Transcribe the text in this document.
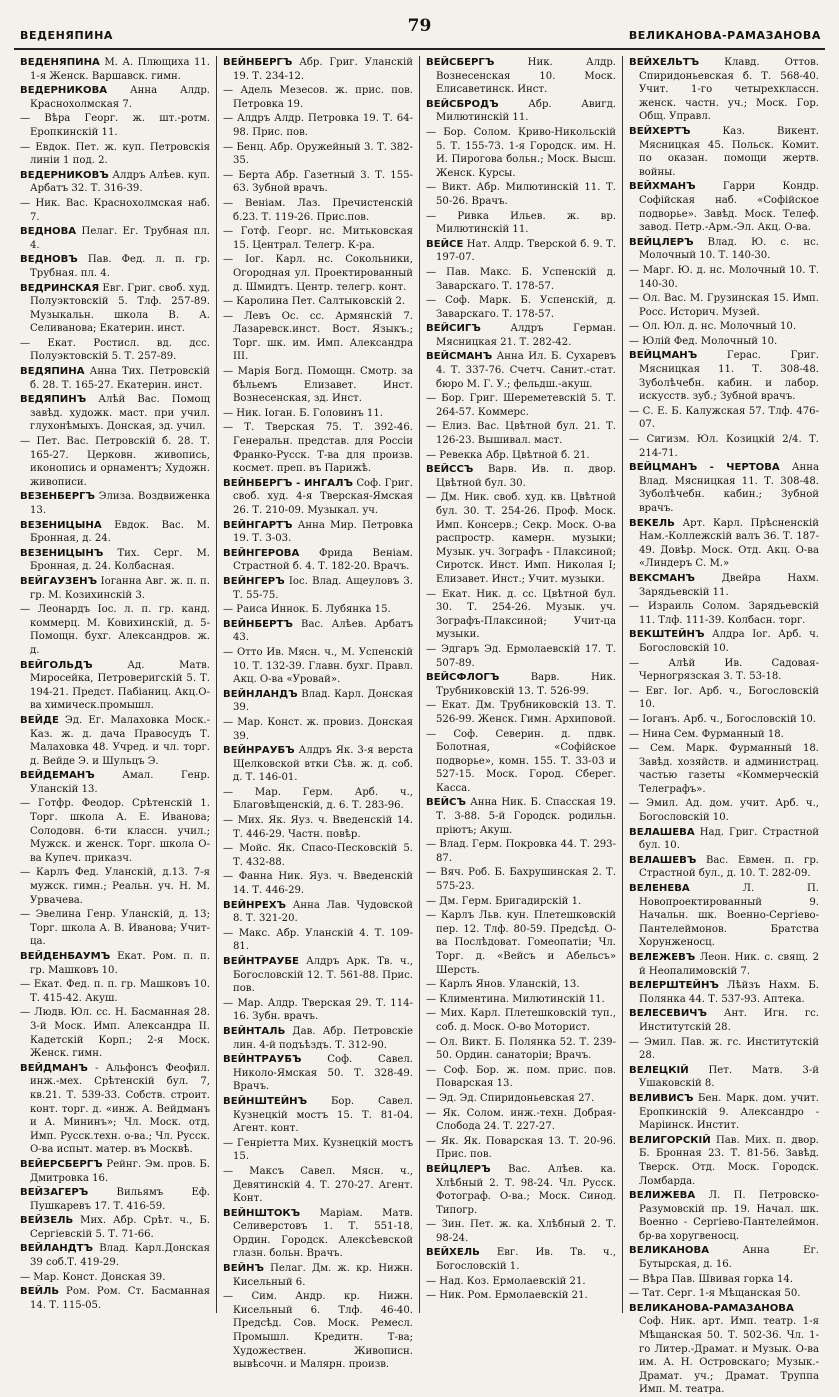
ВЕДЕНЯПИНА	79	ВЕЛИКАНОВА-РАМАЗАНОВА
ВЕДЕНЯПИНА М. А. Плющиха 11. 1-я Женск. Варшавск. гимн.
ВЕДЕРНИКОВА Анна Алдр. Краснохолмская 7.
— Вѣра Георг. ж. шт.-ротм. Еропкинскій 11.
— Евдок. Пет. ж. куп. Петровскія линіи 1 под. 2.
ВЕДЕРНИКОВЪ Алдръ Алѣев. куп. Арбатъ 32. Т. 316-39.
— Ник. Вас. Краснохолмская наб. 7.
ВЕДНОВА Пелаг. Ег. Трубная пл. 4.
ВЕДНОВЪ Пав. Фед. л. п. гр. Трубная. пл. 4.
ВЕДРИНСКАЯ Евг. Григ. своб. худ. Полуэктовскій 5. Тлф. 257-89. Музыкальн. школа В. А. Селиванова; Екатерин. инст.
— Екат. Ростисл. вд. дсс. Полуэктовскій 5. Т. 257-89.
ВЕДЯПИНА Анна Тих. Петровскій б. 28. Т. 165-27. Екатерин. инст.
ВЕДЯПИНЪ Алѣй Вас. Помощ завѣд. художк. маст. при учил. глухонѣмыхъ. Донская, зд. учил.
— Пет. Вас. Петровскій б. 28. Т. 165-27. Церковн. живопись, иконопись и орнаментъ; Художн. живописи.
ВЕЗЕНБЕРГЪ Элиза. Воздвиженка 13.
ВЕЗЕНИЦЫНА Евдок. Вас. М. Бронная, д. 24.
ВЕЗЕНИЦЫНЪ Тих. Серг. М. Бронная, д. 24. Колбасная.
ВЕЙГАУЗЕНЪ Іоганна Авг. ж. п. п. гр. М. Козихинскій 3.
— Леонардъ Іос. л. п. гр. канд. коммерц. М. Ковихинскій, д. 5- Помощн. бухг. Александров. ж. д.
ВЕЙГОЛЬДЪ Ад. Матв. Миросейка, Петроверигскій 5. Т. 194-21. Предст. Пабіаниц. Акц.О-ва химическ.промышл.
ВЕЙДЕ Эд. Ег. Малаховка Моск.-Каз. ж. д. дача Правосудъ Т. Малаховка 48. Учред. и чл. торг. д. Вейде Э. и Шульцъ Э.
ВЕЙДЕМАНЪ Амал. Генр. Уланскій 13.
— Готфр. Феодор. Срѣтенскій 1. Торг. школа А. Е. Иванова; Солодовн. 6-ти классн. учил.; Мужск. и женск. Торг. школа О-ва Купеч. приказч.
— Карлъ Фед. Уланскій, д.13. 7-я мужск. гимн.; Реальн. уч. Н. М. Урвачева.
— Эвелина Генр. Уланскій, д. 13; Торг. школа А. В. Иванова; Учит-ца.
ВЕЙДЕНБАУМЪ Екат. Ром. п. п. гр. Машковъ 10.
— Екат. Фед. п. п. гр. Машковъ 10. Т. 415-42. Акуш.
— Людв. Юл. сс. Н. Басманная 28. 3-й Моск. Имп. Александра II. Кадетскій Корп.; 2-я Моск. Женск. гимн.
ВЕЙДМАНЪ - Альфонсъ Феофил. инж.-мех. Срѣтенскій бул. 7, кв.21. Т. 539-33. Собств. строит. конт. торг. д. «инж. А. Вейдманъ и А. Мининъ»; Чл. Моск. отд. Имп. Русск.техн. о-ва.; Чл. Русск. О-ва испыт. матер. въ Москвѣ.
ВЕЙЕРСБЕРГЪ Рейнг. Эм. пров. Б. Дмитровка 16.
ВЕЙЗАГЕРЪ Вильямъ Еф. Пушкаревъ 17. Т. 416-59.
ВЕЙЗЕЛЬ Мих. Абр. Срѣт. ч., Б. Сергіевскій 5. Т. 71-66.
ВЕЙЛАНДТЪ Влад. Карл.Донская 39 соб.Т. 419-29.
— Мар. Конст. Донская 39.
ВЕЙЛЬ Ром. Ром. Ст. Басманная 14. Т. 115-05.
ВЕЙНБЕРГЪ Абр. Григ. Уланскій 19. Т. 234-12.
— Адель Мезесов. ж. прис. пов. Петровка 19.
— Алдръ Алдр. Петровка 19. Т. 64-98. Прис. пов.
— Бенц. Абр. Оружейный 3. Т. 382-35.
— Берта Абр. Газетный 3. Т. 155-63. Зубной врачъ.
— Веніам. Лаз. Пречистенскій б.23. Т. 119-26. Прис.пов.
— Готф. Георг. нс. Митьковская 15. Централ. Телегр. К-ра.
— Іог. Карл. нс. Сокольники, Огородная ул. Проектированный д. Шмидтъ. Центр. телегр. конт.
— Каролина Пет. Салтыковскій 2.
— Левъ Ос. сс. Армянскій 7. Лазаревск.инст. Вост. Языкъ.; Торг. шк. им. Имп. Александра III.
— Марія Богд. Помощн. Смотр. за бѣльемъ Елизавет. Инст. Вознесенская, зд. Инст.
— Ник. Іоган. Б. Головинъ 11.
— Т. Тверская 75. Т. 392-46. Генеральн. представ. для Россіи Франко-Русск. Т-ва для произв. космет. преп. въ Парижѣ.
ВЕЙНБЕРГЪ - ИНГАЛЪ Соф. Григ. своб. худ. 4-я Тверская-Ямская 26. Т. 210-09. Музыкал. уч.
ВЕЙНГАРТЪ Анна Мир. Петровка 19. Т. 3-03.
ВЕЙНГЕРОВА Фрида Веніам. Страстной б. 4. Т. 182-20. Врачъ.
ВЕЙНГЕРЪ Іос. Влад. Ащеуловъ 3. Т. 55-75.
— Раиса Иннок. Б. Лубянка 15.
ВЕЙНБЕРТЪ Вас. Алѣев. Арбатъ 43.
— Отто Ив. Мясн. ч., М. Успенскій 10. Т. 132-39. Главн. бухг. Правл. Акц. О-ва «Уровай».
ВЕЙНЛАНДЪ Влад. Карл. Донская 39.
— Мар. Конст. ж. провиз. Донская 39.
ВЕЙНРАУБЪ Алдръ Як. 3-я верста Щелковской втки Сѣв. ж. д. соб. д. Т. 146-01.
— Мар. Герм. Арб. ч., Благовѣщенскій, д. 6. Т. 283-96.
— Мих. Як. Яуз. ч. Введенскій 14. Т. 446-29. Частн. повѣр.
— Мойс. Як. Спасо-Песковскій 5. Т. 432-88.
— Фанна Ник. Яуз. ч. Введенскій 14. Т. 446-29.
ВЕЙНРЕХЪ Анна Лав. Чудовской 8. Т. 321-20.
— Макс. Абр. Уланскій 4. Т. 109-81.
ВЕЙНТРАУБЕ Алдръ Арк. Тв. ч., Богословскій 12. Т. 561-88. Прис. пов.
— Мар. Алдр. Тверская 29. Т. 114-16. Зубн. врачъ.
ВЕЙНТАЛЬ Дав. Абр. Петровскіе лин. 4-й подъѣздъ. Т. 312-90.
ВЕЙНТРАУБЪ Соф. Савел. Николо-Ямская 50. Т. 328-49. Врачъ.
ВЕЙНШТЕЙНЪ Бор. Савел. Кузнецкій мостъ 15. Т. 81-04. Агент. конт.
— Генріетта Мих. Кузнецкій мостъ 15.
— Максъ Савел. Мясн. ч., Девятинскій 4. Т. 270-27. Агент. Конт.
ВЕЙНШТОКЪ Маріам. Матв. Селиверстовъ 1. Т. 551-18. Ордин. Городск. Алексѣевской глазн. больн. Врачъ.
ВЕЙНЪ Пелаг. Дм. ж. кр. Нижн. Кисельный 6.
— Сим. Андр. кр. Нижн. Кисельный 6. Тлф. 46-40. Предсѣд. Сов. Моск. Ремесл. Промышл. Кредитн. Т-ва; Художествен. Живописн. вывѣсочн. и Малярн. произв.
ВЕЙСБЕРГЪ Ник. Алдр. Вознесенская 10. Моск. Елисаветинск. Инст.
ВЕЙСБРОДЪ Абр. Авигд. Милютинскій 11.
— Бор. Солом. Криво-Никольскій 5. Т. 155-73. 1-я Городск. им. Н. И. Пирогова больн.; Моск. Высш. Женск. Курсы.
— Викт. Абр. Милютинскій 11. Т. 50-26. Врачъ.
— Ривка Ильев. ж. вр. Милютинскій 11.
ВЕЙСЕ Нат. Алдр. Тверской б. 9. Т. 197-07.
— Пав. Макс. Б. Успенскій д. Заварскаго. Т. 178-57.
— Соф. Марк. Б. Успенскій, д. Заварскаго. Т. 178-57.
ВЕЙСИГЪ Алдръ Герман. Мясницкая 21. Т. 282-42.
ВЕЙСМАНЪ Анна Ил. Б. Сухаревъ 4. Т. 337-76. Счетч. Санит.-стат. бюро М. Г. У.; фельдш.-акуш.
— Бор. Григ. Шереметевскій 5. Т. 264-57. Коммерс.
— Елиз. Вас. Цвѣтной бул. 21. Т. 126-23. Вышивал. маст.
— Ревекка Абр. Цвѣтной б. 21.
ВЕЙССЪ Варв. Ив. п. двор. Цвѣтной бул. 30.
— Дм. Ник. своб. худ. кв. Цвѣтной бул. 30. Т. 254-26. Проф. Моск. Имп. Консерв.; Секр. Моск. О-ва распростр. камерн. музыки; Музык. уч. Зографъ - Плаксиной; Сиротск. Инст. Имп. Николая I; Елизавет. Инст.; Учит. музыки.
— Екат. Ник. д. сс. Цвѣтной бул. 30. Т. 254-26. Музык. уч. Зографъ-Плаксиной; Учит-ца музыки.
— Эдгаръ Эд. Ермолаевскій 17. Т. 507-89.
ВЕЙСФЛОГЪ Варв. Ник. Трубниковскій 13. Т. 526-99.
— Екат. Дм. Трубниковскій 13. Т. 526-99. Женск. Гимн. Архиповой.
— Соф. Северин. д. пдвк. Болотная, «Софійское подворье», комн. 155. Т. 33-03 и 527-15. Моск. Город. Сберег. Касса.
ВЕЙСЪ Анна Ник. Б. Спасская 19. Т. 3-88. 5-й Городск. родильн. пріютъ; Акуш.
— Влад. Герм. Покровка 44. Т. 293-87.
— Вяч. Роб. Б. Бахрушинская 2. Т. 575-23.
— Дм. Герм. Бригадирскій 1.
— Карлъ Льв. кун. Плетешковскій пер. 12. Тлф. 80-59. Предсѣд. О-ва Послѣдоват. Гомеопатіи; Чл. Торг. д. «Вейсъ и Абельсъ» Шерсть.
— Карлъ Янов. Уланскій, 13.
— Климентина. Милютинскій 11.
— Мих. Карл. Плетешковскій туп., соб. д. Моск. О-во Моторист.
— Ол. Викт. Б. Полянка 52. Т. 239-50. Ордин. санаторіи; Врачъ.
— Соф. Бор. ж. пом. прис. пов. Поварская 13.
— Эд. Эд. Спиридоньевская 27.
— Як. Солом. инж.-техн. Добрая-Слобода 24. Т. 227-27.
— Як. Як. Поварская 13. Т. 20-96. Прис. пов.
ВЕЙЦЛЕРЪ Вас. Алѣев. ка. Хлѣбный 2. Т. 98-24. Чл. Русск. Фотограф. О-ва.; Моск. Синод. Типогр.
— Зин. Пет. ж. ка. Хлѣбный 2. Т. 98-24.
ВЕЙХЕЛЬ Евг. Ив. Тв. ч., Богословскій 1.
— Над. Коз. Ермолаевскій 21.
— Ник. Ром. Ермолаевскій 21.
ВЕЙХЕЛЬТЪ Клавд. Оттов. Спиридоньевская б. Т. 568-40. Учит. 1-го четырехклассн. женск. частн. уч.; Моск. Гор. Общ. Управл.
ВЕЙХЕРТЪ Каз. Викент. Мясницкая 45. Польск. Комит. по оказан. помощи жертв. войны.
ВЕЙХМАНЪ Гарри Кондр. Софійская наб. «Софійское подворье». Завѣд. Моск. Телеф. завод. Петр.-Арм.-Эл. Акц. О-ва.
ВЕЙЦЛЕРЪ Влад. Ю. с. нс. Молочный 10. Т. 140-30.
— Марг. Ю. д. нс. Молочный 10. Т. 140-30.
— Ол. Вас. М. Грузинская 15. Имп. Росс. Историч. Музей.
— Ол. Юл. д. нс. Молочный 10.
— Юлій Фед. Молочный 10.
ВЕЙЦМАНЪ Герас. Григ. Мясницкая 11. Т. 308-48. Зуболѣчебн. кабин. и лабор. искусств. зуб.; Зубной врачъ.
— С. Е. Б. Калужская 57. Тлф. 476-07.
— Сигизм. Юл. Козицкій 2/4. Т. 214-71.
ВЕЙЦМАНЪ - ЧЕРТОВА Анна Влад. Мясницкая 11. Т. 308-48. Зуболѣчебн. кабин.; Зубной врачъ.
ВЕКЕЛЬ Арт. Карл. Прѣсненскій Нам.-Коллежскій валъ 36. Т. 187-49. Довѣр. Моск. Отд. Акц. О-ва «Линдеръ С. М.»
ВЕКСМАНЪ Двейра Нахм. Зарядьевскій 11.
— Израиль Солом. Зарядьевскій 11. Тлф. 111-39. Колбасн. торг.
ВЕКШТЕЙНЪ Алдра Іог. Арб. ч. Богословскій 10.
— Алѣй Ив. Садовая-Черногрязская 3. Т. 53-18.
— Евг. Іог. Арб. ч., Богословскій 10.
— Іоганъ. Арб. ч., Богословскій 10.
— Нина Сем. Фурманный 18.
— Сем. Марк. Фурманный 18. Завѣд. хозяйств. и администрац. частью газеты «Коммерческій Телеграфъ».
— Эмил. Ад. дом. учит. Арб. ч., Богословскій 10.
ВЕЛАШЕВА Над. Григ. Страстной бул. 10.
ВЕЛАШЕВЪ Вас. Евмен. п. гр. Страстной бул., д. 10. Т. 282-09.
ВЕЛЕНЕВА Л. П. Новопроектированный 9. Начальн. шк. Военно-Сергіево-Пантелеймонов. Братства Хорунженосц.
ВЕЛЕЖЕВЪ Леон. Ник. с. свящ. 2 й Неопалимовскій 7.
ВЕЛЕРШТЕЙНЪ Лѣйзъ Нахм. Б. Полянка 44. Т. 537-93. Аптека.
ВЕЛЕСЕВИЧЪ Ант. Игн. гс. Институтскій 28.
— Эмил. Пав. ж. гс. Институтскій 28.
ВЕЛЕЦКІЙ Пет. Матв. 3-й Ушаковскій 8.
ВЕЛИВИСЪ Бен. Марк. дом. учит. Еропкинскій 9. Александро - Маріинск. Инстит.
ВЕЛИГОРСКІЙ Пав. Мих. п. двор. Б. Бронная 23. Т. 81-56. Завѣд. Тверск. Отд. Моск. Городск. Ломбарда.
ВЕЛИЖЕВА Л. П. Петровско-Разумовскій пр. 19. Начал. шк. Военно - Сергіево-Пантелеймон. бр-ва хоругвеносц.
ВЕЛИКАНОВА Анна Ег. Бутырская, д. 16.
— Вѣра Пав. Швивая горка 14.
— Тат. Серг. 1-я Мѣщанская 50.
ВЕЛИКАНОВА-РАМАЗАНОВА Соф. Ник. арт. Имп. театр. 1-я Мѣщанская 50. Т. 502-36. Чл. 1-го Литер.-Драмат. и Музык. О-ва им. А. Н. Островскаго; Музык.-Драмат. уч.; Драмат. Труппа Имп. М. театра.
